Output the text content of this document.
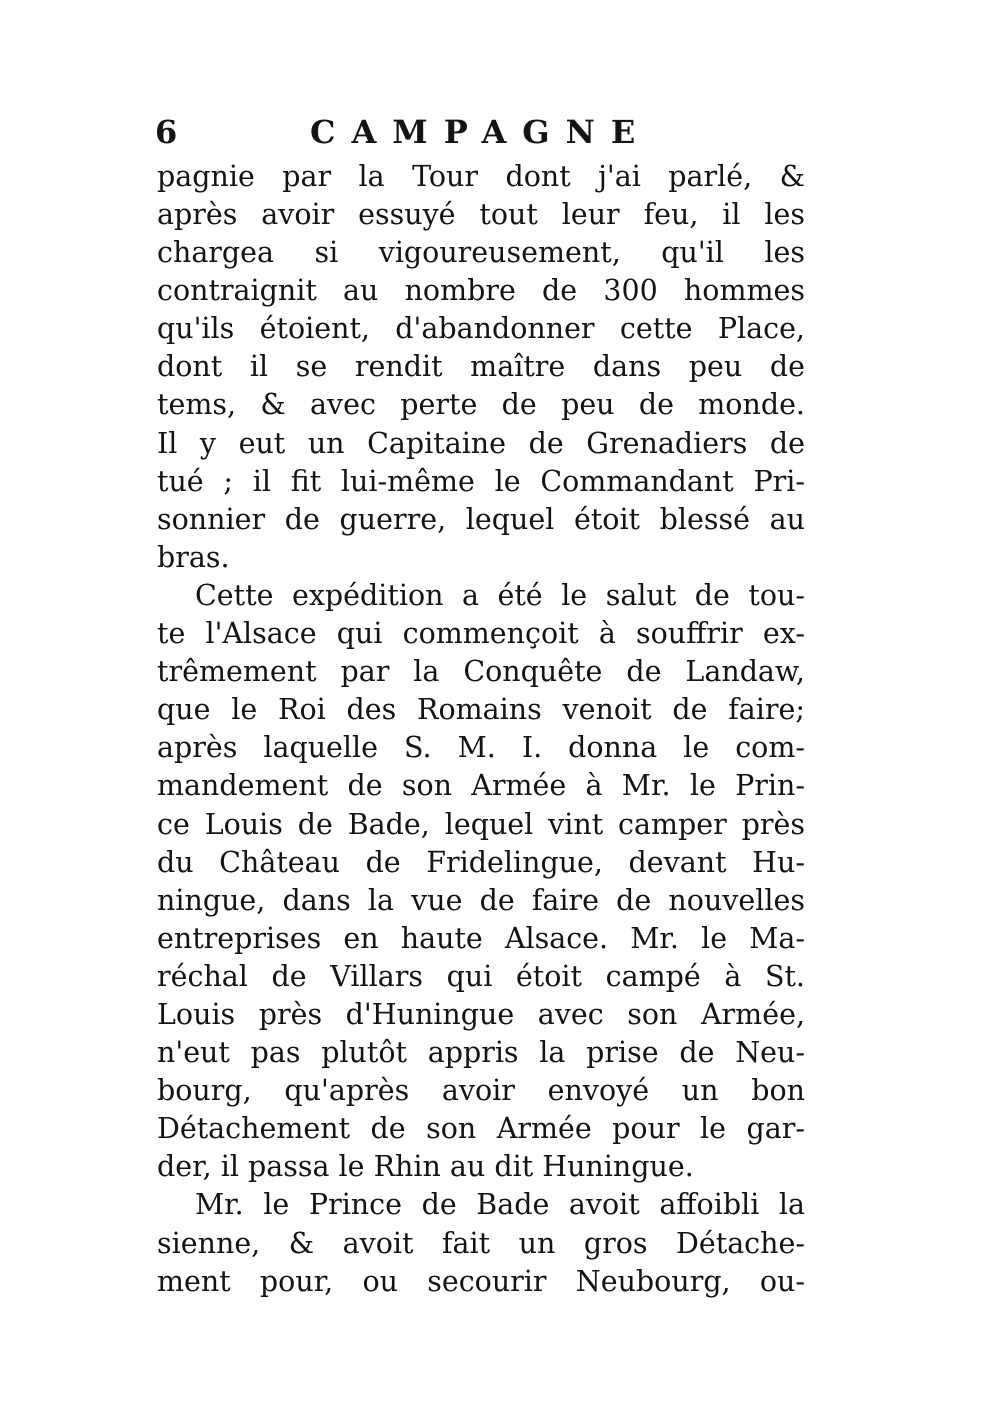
6	CAMPAGNE
pagnie par la Tour dont j'ai parlé, &
après avoir essuyé tout leur feu, il les
chargea si vigoureusement, qu'il les
contraignit au nombre de 300 hommes
qu'ils étoient, d'abandonner cette Place,
dont il se rendit maître dans peu de
tems, & avec perte de peu de monde.
Il y eut un Capitaine de Grenadiers de
tué ; il fit lui-même le Commandant Pri-
sonnier de guerre, lequel étoit blessé au
bras.
Cette expédition a été le salut de tou-
te l'Alsace qui commençoit à souffrir ex-
trêmement par la Conquête de Landaw,
que le Roi des Romains venoit de faire;
après laquelle S. M. I. donna le com-
mandement de son Armée à Mr. le Prin-
ce Louis de Bade, lequel vint camper près
du Château de Fridelingue, devant Hu-
ningue, dans la vue de faire de nouvelles
entreprises en haute Alsace. Mr. le Ma-
réchal de Villars qui étoit campé à St.
Louis près d'Huningue avec son Armée,
n'eut pas plutôt appris la prise de Neu-
bourg, qu'après avoir envoyé un bon
Détachement de son Armée pour le gar-
der, il passa le Rhin au dit Huningue.
Mr. le Prince de Bade avoit affoibli la
sienne, & avoit fait un gros Détache-
ment pour, ou secourir Neubourg, ou-
